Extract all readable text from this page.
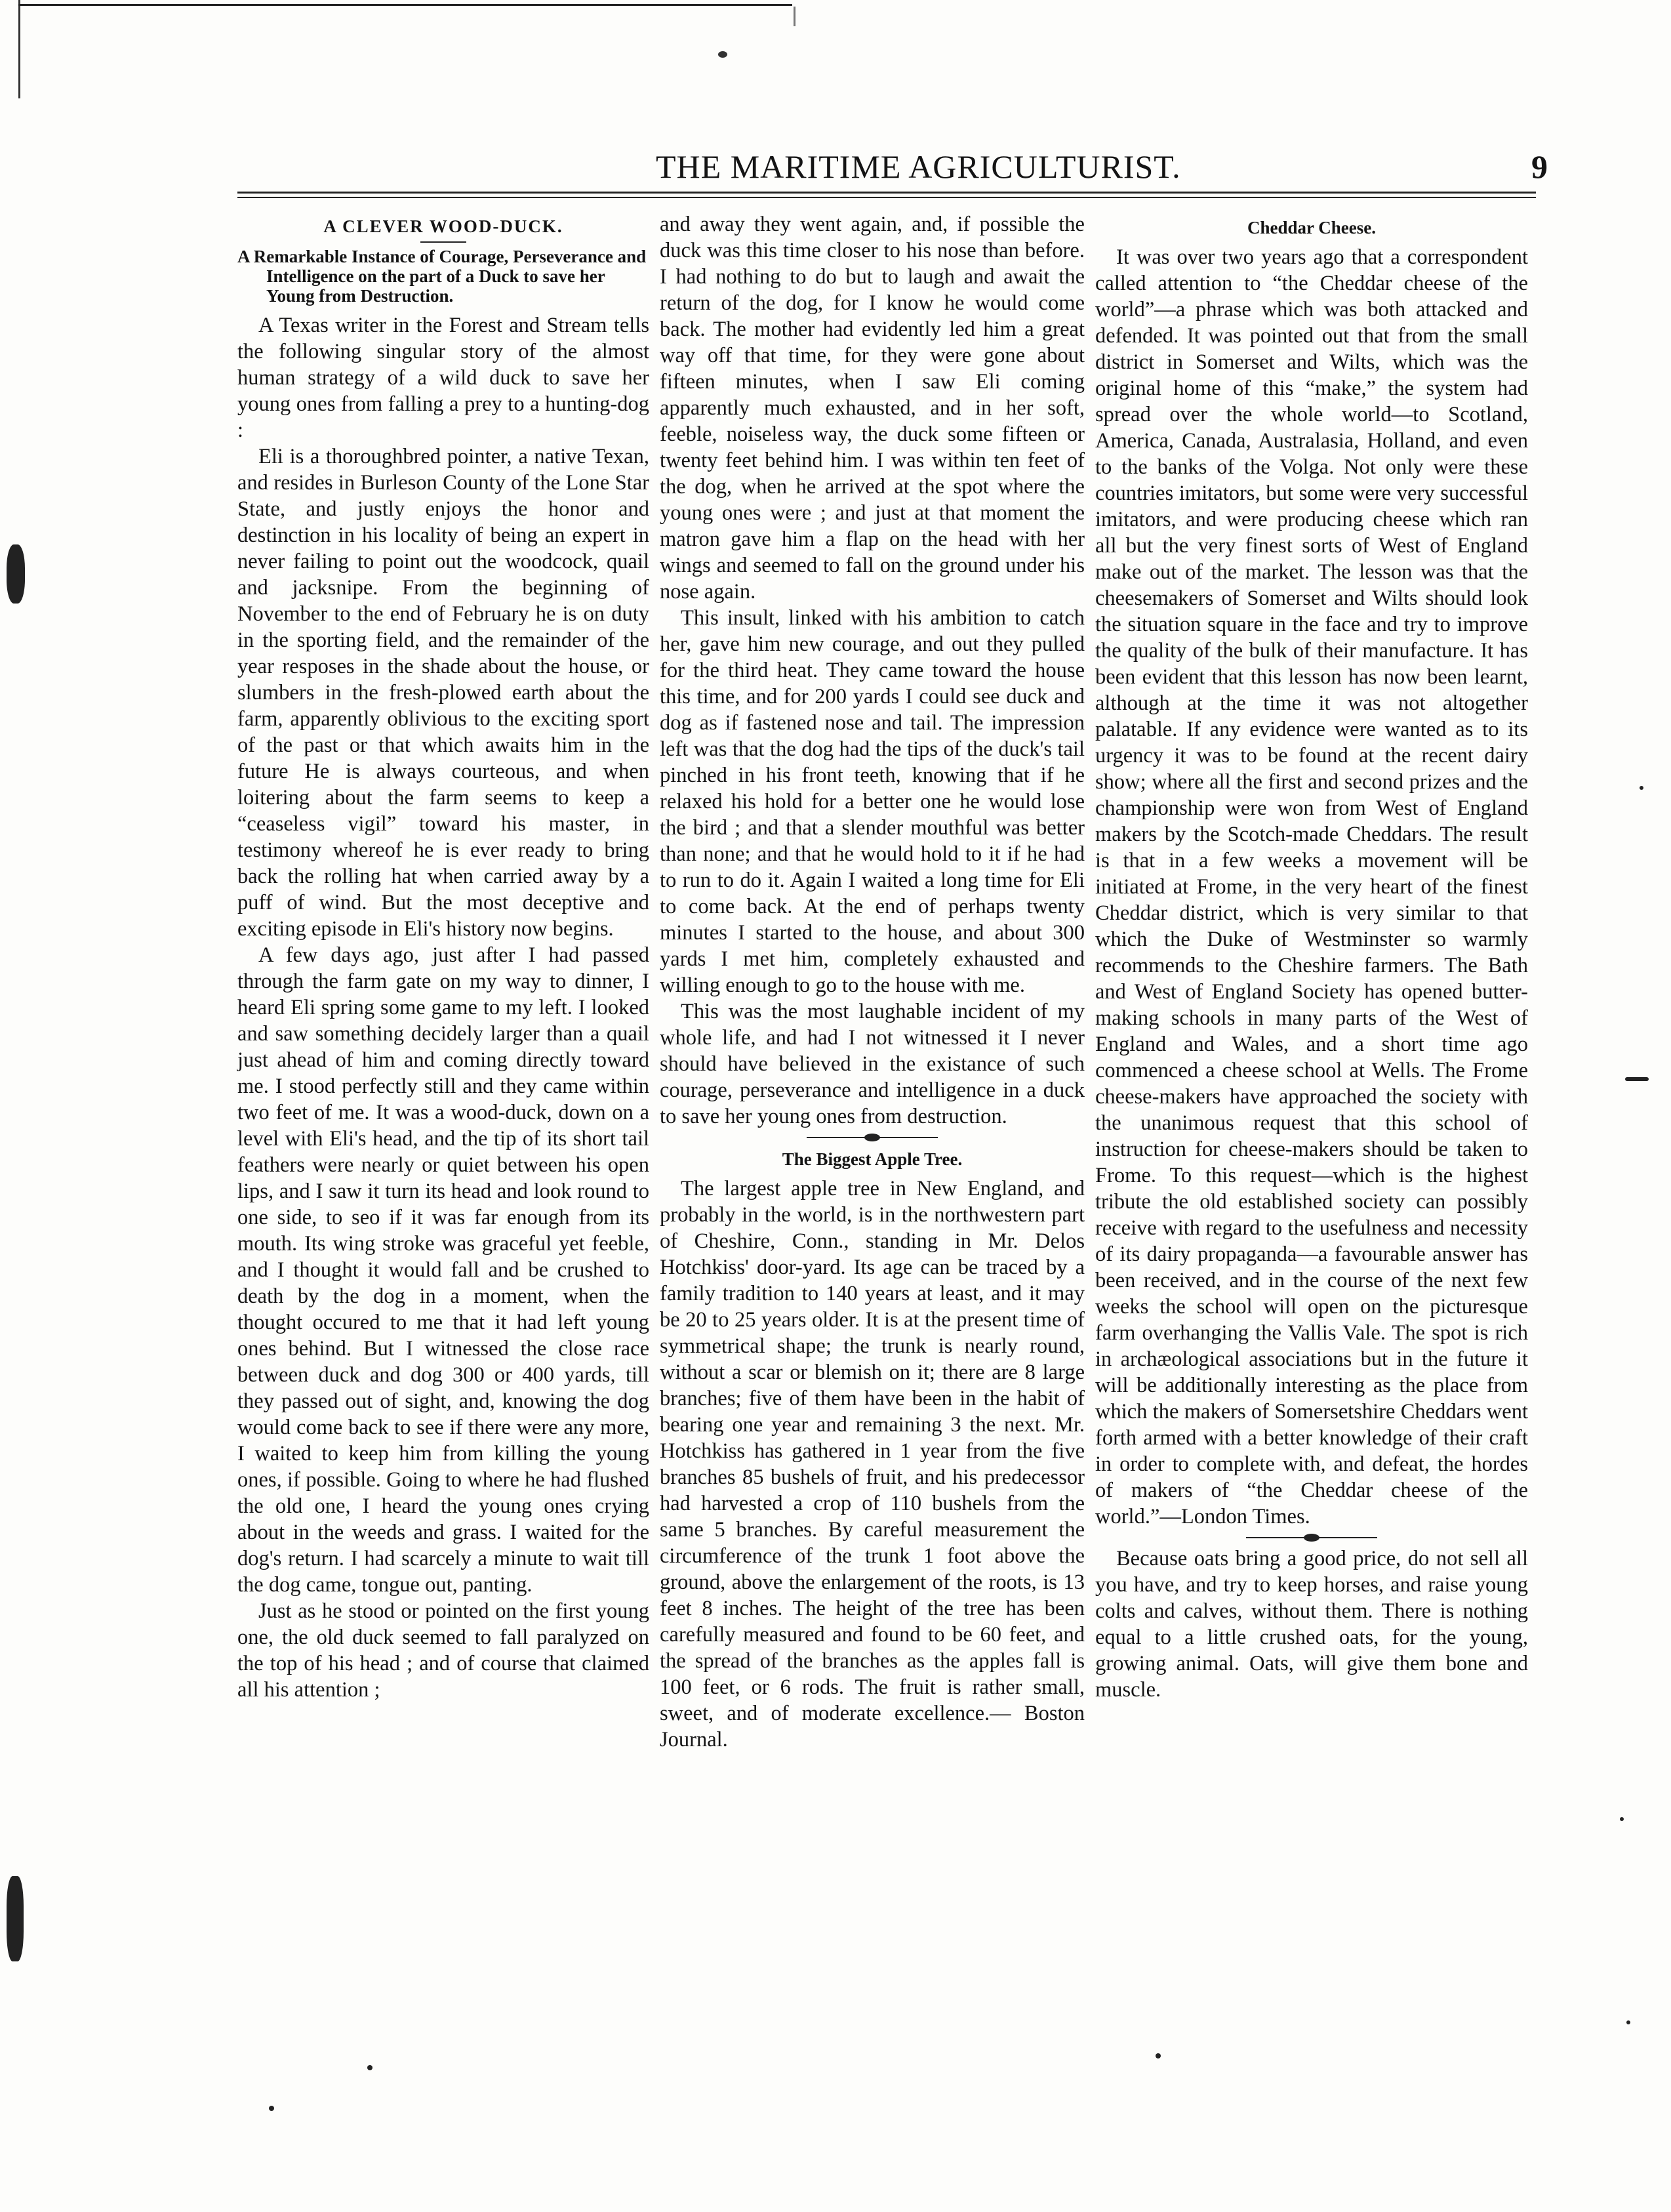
THE MARITIME AGRICULTURIST.	9
A CLEVER WOOD-DUCK.
A Remarkable Instance of Courage, Perseverance and Intelligence on the part of a Duck to save her Young from Destruction.

A Texas writer in the Forest and Stream tells the following singular story of the almost human strategy of a wild duck to save her young ones from falling a prey to a hunting-dog :

Eli is a thoroughbred pointer, a native Texan, and resides in Burleson County of the Lone Star State, and justly enjoys the honor and destinction in his locality of being an expert in never failing to point out the woodcock, quail and jacksnipe. From the beginning of November to the end of February he is on duty in the sporting field, and the remainder of the year resposes in the shade about the house, or slumbers in the fresh-plowed earth about the farm, apparently oblivious to the exciting sport of the past or that which awaits him in the future He is always courteous, and when loitering about the farm seems to keep a “ceaseless vigil” toward his master, in testimony whereof he is ever ready to bring back the rolling hat when carried away by a puff of wind. But the most deceptive and exciting episode in Eli's history now begins.

A few days ago, just after I had passed through the farm gate on my way to dinner, I heard Eli spring some game to my left. I looked and saw something decidely larger than a quail just ahead of him and coming directly toward me. I stood perfectly still and they came within two feet of me. It was a wood-duck, down on a level with Eli's head, and the tip of its short tail feathers were nearly or quiet between his open lips, and I saw it turn its head and look round to one side, to seo if it was far enough from its mouth. Its wing stroke was graceful yet feeble, and I thought it would fall and be crushed to death by the dog in a moment, when the thought occured to me that it had left young ones behind. But I witnessed the close race between duck and dog 300 or 400 yards, till they passed out of sight, and, knowing the dog would come back to see if there were any more, I waited to keep him from killing the young ones, if possible. Going to where he had flushed the old one, I heard the young ones crying about in the weeds and grass. I waited for the dog's return. I had scarcely a minute to wait till the dog came, tongue out, panting.

Just as he stood or pointed on the first young one, the old duck seemed to fall paralyzed on the top of his head ; and of course that claimed all his attention ;

and away they went again, and, if possible the duck was this time closer to his nose than before. I had nothing to do but to laugh and await the return of the dog, for I know he would come back. The mother had evidently led him a great way off that time, for they were gone about fifteen minutes, when I saw Eli coming apparently much exhausted, and in her soft, feeble, noiseless way, the duck some fifteen or twenty feet behind him. I was within ten feet of the dog, when he arrived at the spot where the young ones were ; and just at that moment the matron gave him a flap on the head with her wings and seemed to fall on the ground under his nose again.

This insult, linked with his ambition to catch her, gave him new courage, and out they pulled for the third heat. They came toward the house this time, and for 200 yards I could see duck and dog as if fastened nose and tail. The impression left was that the dog had the tips of the duck's tail pinched in his front teeth, knowing that if he relaxed his hold for a better one he would lose the bird ; and that a slender mouthful was better than none; and that he would hold to it if he had to run to do it. Again I waited a long time for Eli to come back. At the end of perhaps twenty minutes I started to the house, and about 300 yards I met him, completely exhausted and willing enough to go to the house with me.

This was the most laughable incident of my whole life, and had I not witnessed it I never should have believed in the existance of such courage, perseverance and intelligence in a duck to save her young ones from destruction.

The Biggest Apple Tree.

The largest apple tree in New England, and probably in the world, is in the northwestern part of Cheshire, Conn., standing in Mr. Delos Hotchkiss' door-yard. Its age can be traced by a family tradition to 140 years at least, and it may be 20 to 25 years older. It is at the present time of symmetrical shape; the trunk is nearly round, without a scar or blemish on it; there are 8 large branches; five of them have been in the habit of bearing one year and remaining 3 the next. Mr. Hotchkiss has gathered in 1 year from the five branches 85 bushels of fruit, and his predecessor had harvested a crop of 110 bushels from the same 5 branches. By careful measurement the circumference of the trunk 1 foot above the ground, above the enlargement of the roots, is 13 feet 8 inches. The height of the tree has been carefully measured and found to be 60 feet, and the spread of the branches as the apples fall is 100 feet, or 6 rods. The fruit is rather small, sweet, and of moderate excellence.— Boston Journal.

Cheddar Cheese.

It was over two years ago that a correspondent called attention to “the Cheddar cheese of the world”—a phrase which was both attacked and defended. It was pointed out that from the small district in Somerset and Wilts, which was the original home of this “make,” the system had spread over the whole world—to Scotland, America, Canada, Australasia, Holland, and even to the banks of the Volga. Not only were these countries imitators, but some were very successful imitators, and were producing cheese which ran all but the very finest sorts of West of England make out of the market. The lesson was that the cheesemakers of Somerset and Wilts should look the situation square in the face and try to improve the quality of the bulk of their manufacture. It has been evident that this lesson has now been learnt, although at the time it was not altogether palatable. If any evidence were wanted as to its urgency it was to be found at the recent dairy show; where all the first and second prizes and the championship were won from West of England makers by the Scotch-made Cheddars. The result is that in a few weeks a movement will be initiated at Frome, in the very heart of the finest Cheddar district, which is very similar to that which the Duke of Westminster so warmly recommends to the Cheshire farmers. The Bath and West of England Society has opened butter-making schools in many parts of the West of England and Wales, and a short time ago commenced a cheese school at Wells. The Frome cheese-makers have approached the society with the unanimous request that this school of instruction for cheese-makers should be taken to Frome. To this request—which is the highest tribute the old established society can possibly receive with regard to the usefulness and necessity of its dairy propaganda—a favourable answer has been received, and in the course of the next few weeks the school will open on the picturesque farm overhanging the Vallis Vale. The spot is rich in archæological associations but in the future it will be additionally interesting as the place from which the makers of Somersetshire Cheddars went forth armed with a better knowledge of their craft in order to complete with, and defeat, the hordes of makers of “the Cheddar cheese of the world.”—London Times.

Because oats bring a good price, do not sell all you have, and try to keep horses, and raise young colts and calves, without them. There is nothing equal to a little crushed oats, for the young, growing animal. Oats, will give them bone and muscle.
